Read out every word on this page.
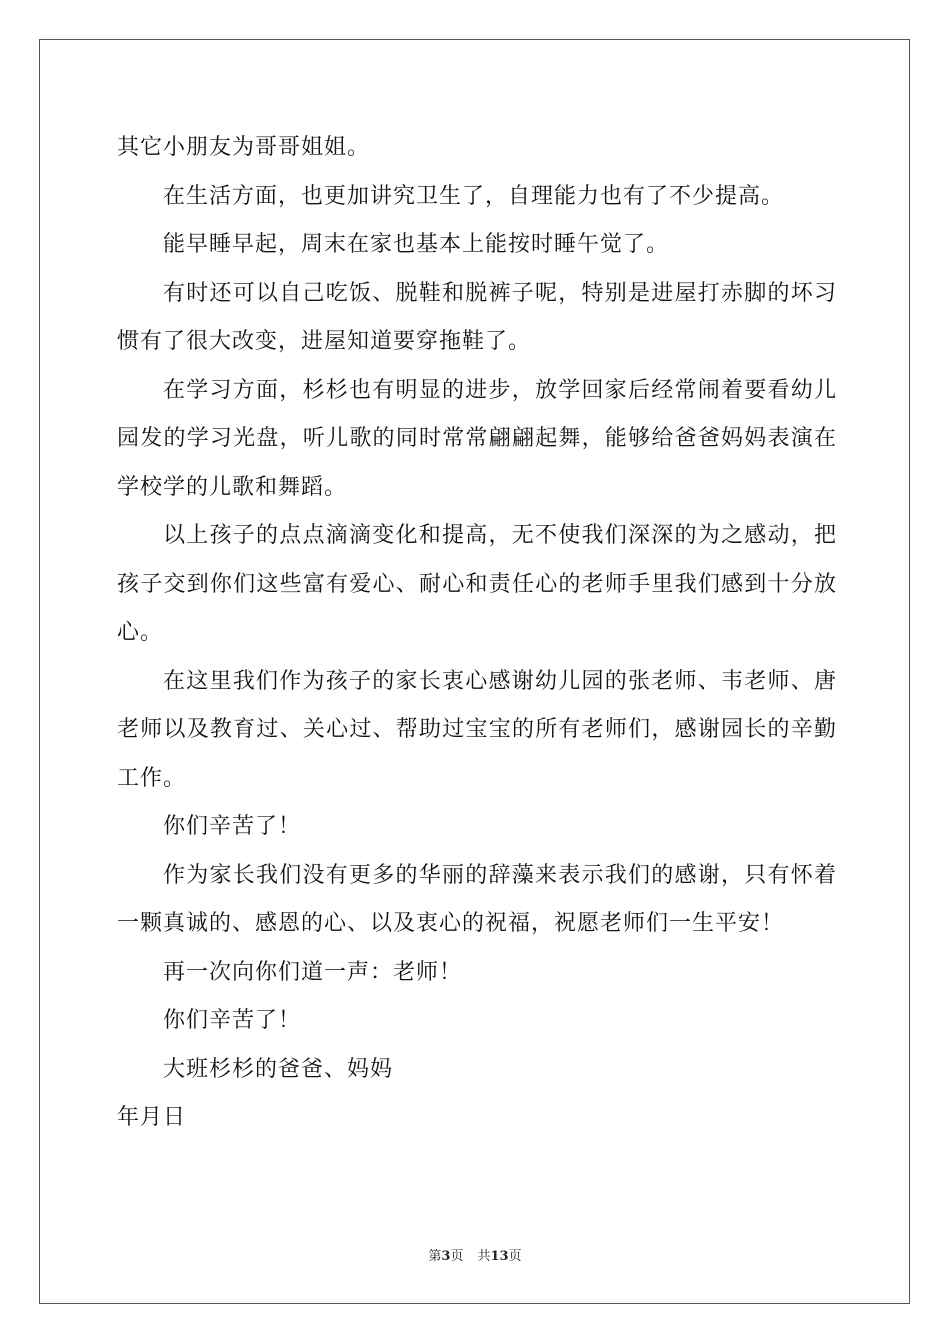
其它小朋友为哥哥姐姐。

在生活方面，也更加讲究卫生了，自理能力也有了不少提高。

能早睡早起，周末在家也基本上能按时睡午觉了。

有时还可以自己吃饭、脱鞋和脱裤子呢，特别是进屋打赤脚的坏习惯有了很大改变，进屋知道要穿拖鞋了。

在学习方面，杉杉也有明显的进步，放学回家后经常闹着要看幼儿园发的学习光盘，听儿歌的同时常常翩翩起舞，能够给爸爸妈妈表演在学校学的儿歌和舞蹈。

以上孩子的点点滴滴变化和提高，无不使我们深深的为之感动，把孩子交到你们这些富有爱心、耐心和责任心的老师手里我们感到十分放心。

在这里我们作为孩子的家长衷心感谢幼儿园的张老师、韦老师、唐老师以及教育过、关心过、帮助过宝宝的所有老师们，感谢园长的辛勤工作。

你们辛苦了！

作为家长我们没有更多的华丽的辞藻来表示我们的感谢，只有怀着一颗真诚的、感恩的心、以及衷心的祝福，祝愿老师们一生平安！

再一次向你们道一声：老师！

你们辛苦了！

大班杉杉的爸爸、妈妈

年月日

第3页 共13页
